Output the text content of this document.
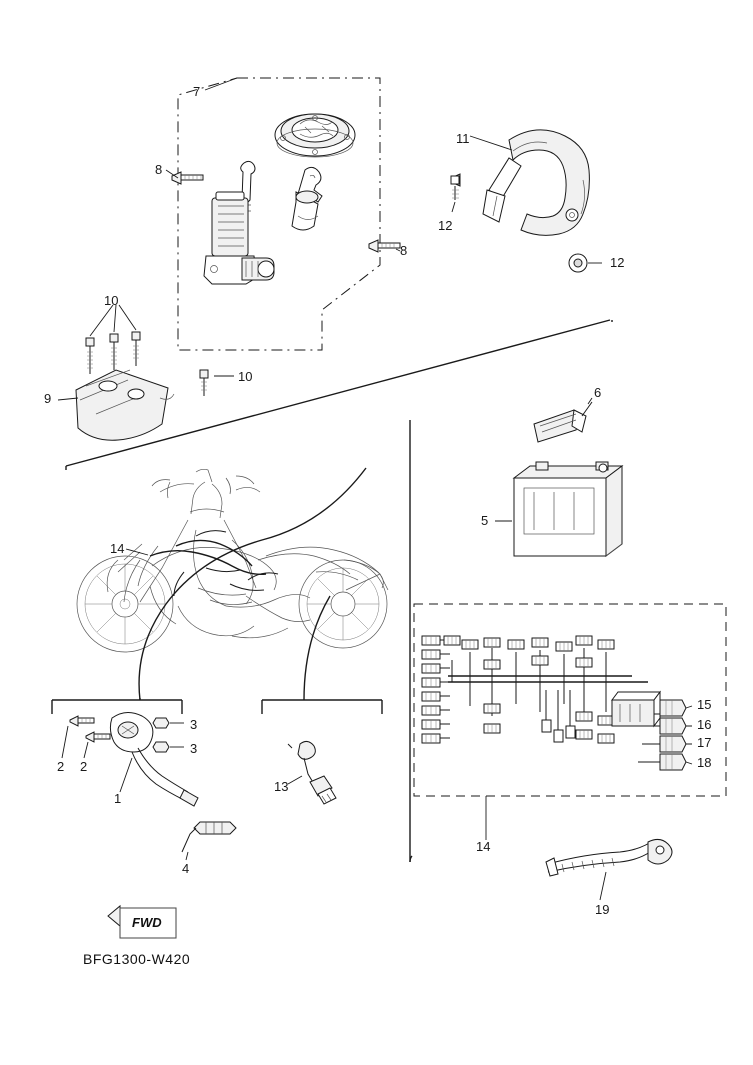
7
8
8
11
12
12
10
10
9	6
5
14
15
16
17
18
3
3
2 2
1
4
13
14
19
FWD
BFG1300-W420
